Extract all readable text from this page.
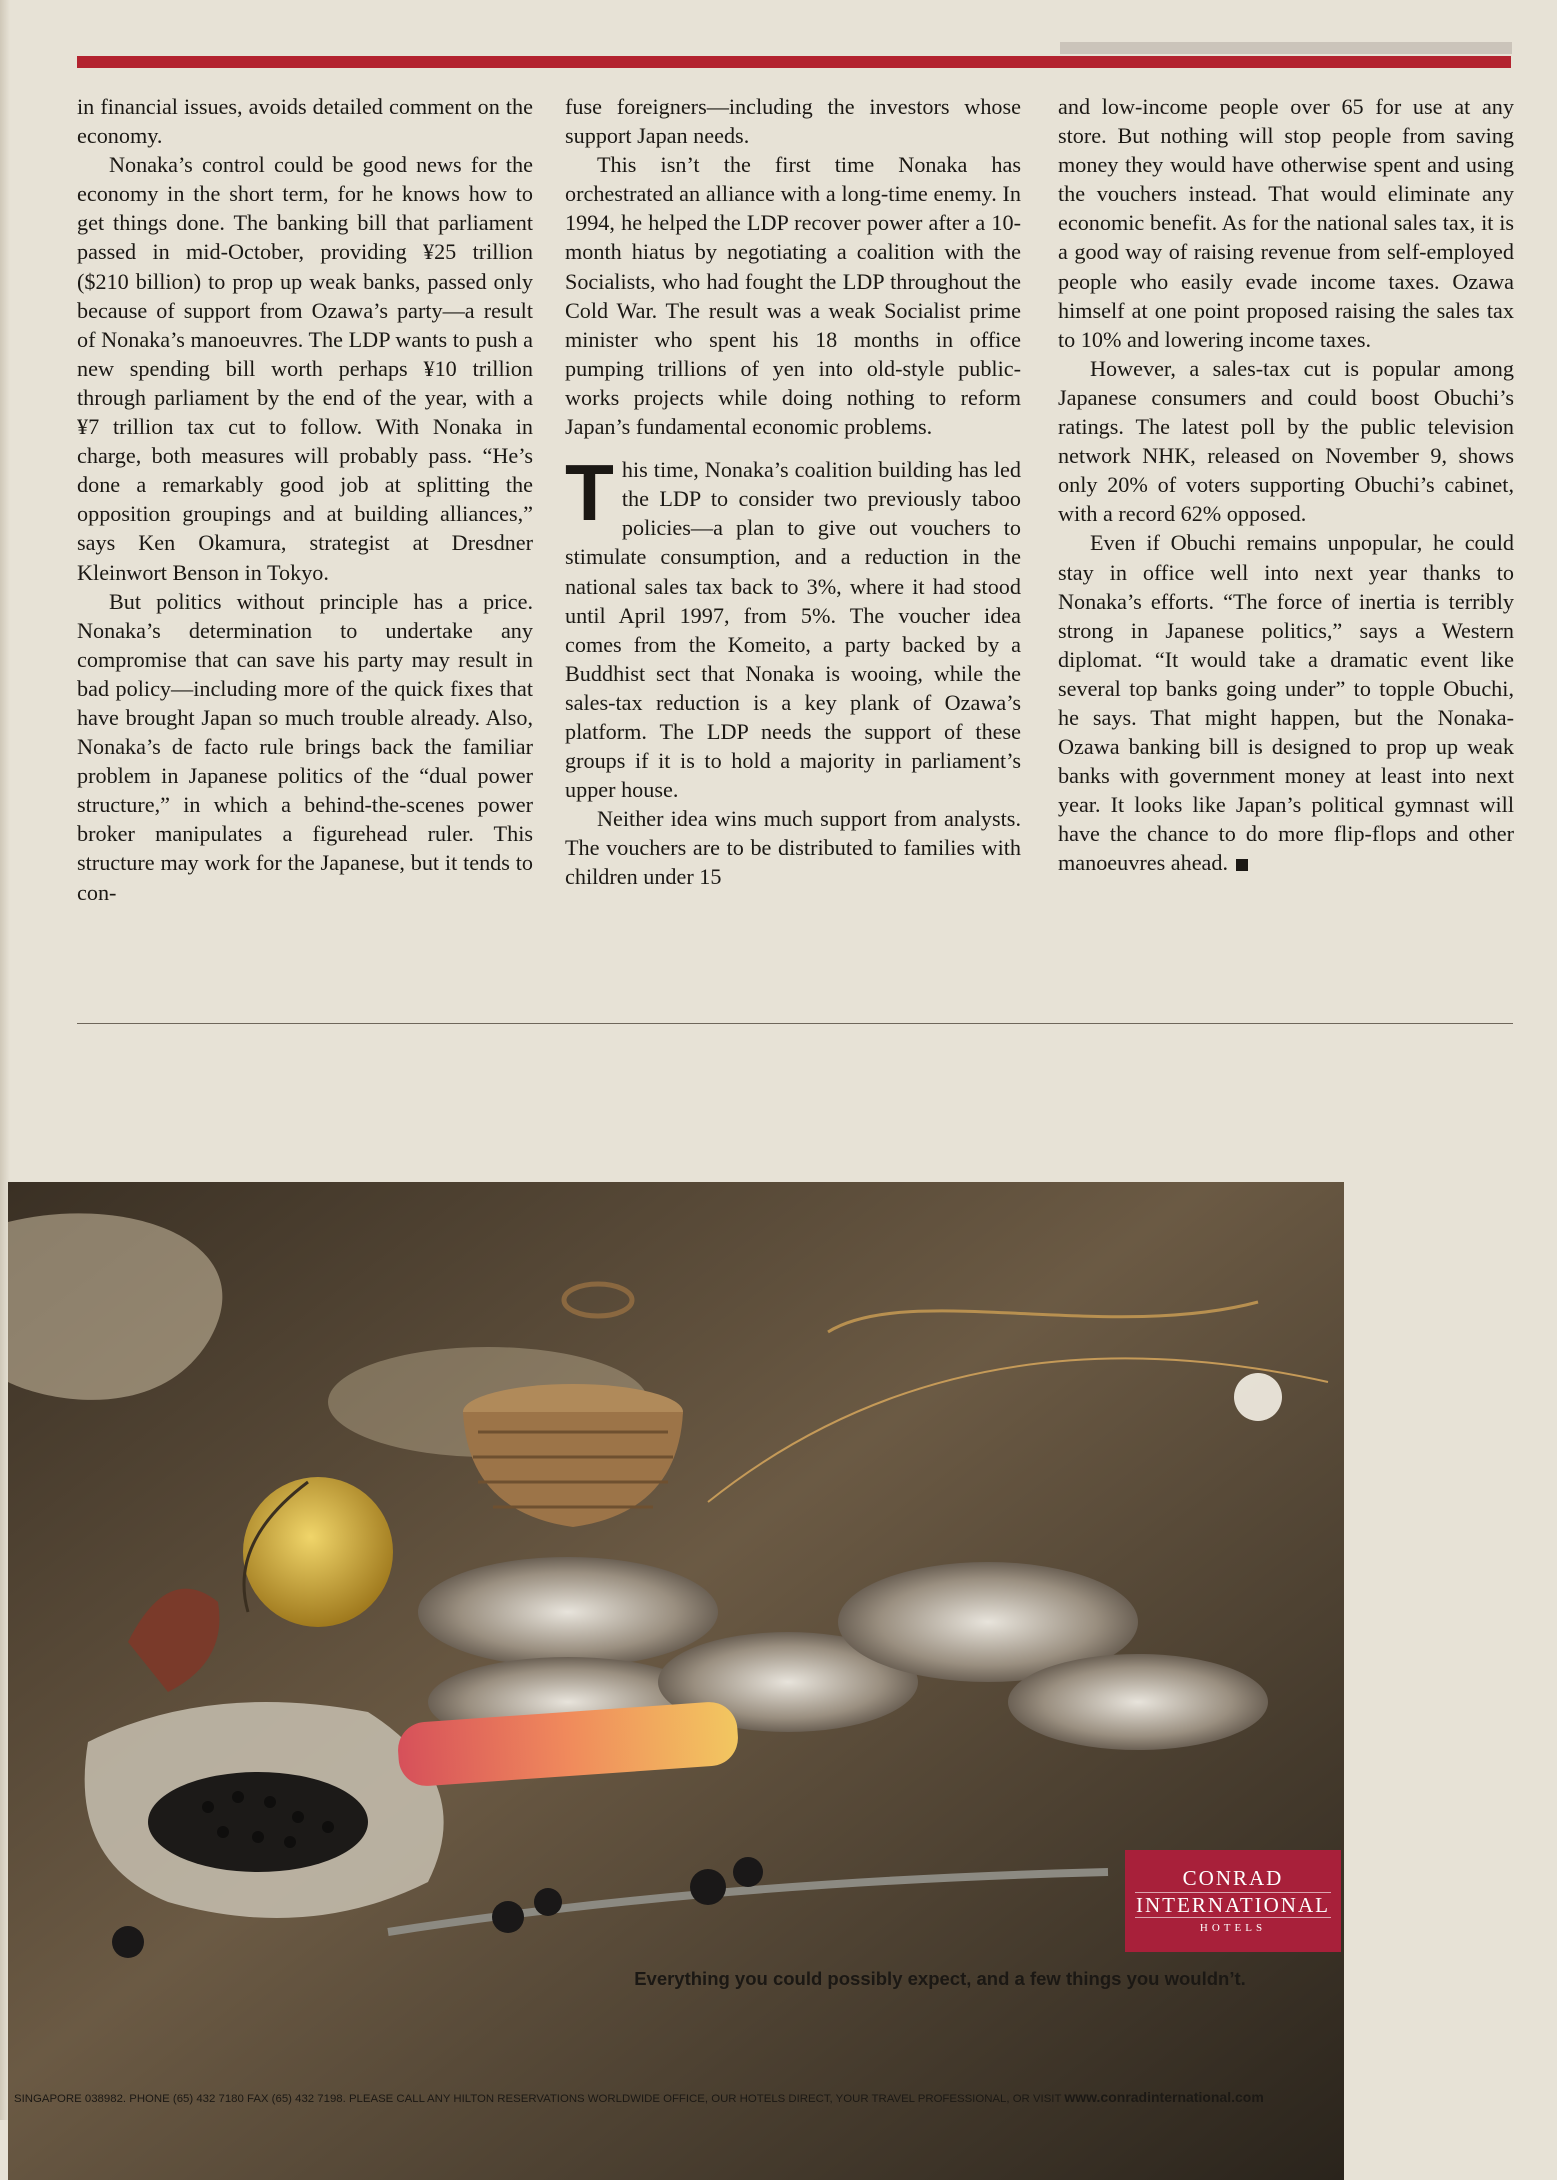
in financial issues, avoids detailed comment on the economy.

Nonaka’s control could be good news for the economy in the short term, for he knows how to get things done. The banking bill that parliament passed in mid-October, providing ¥25 trillion ($210 billion) to prop up weak banks, passed only because of support from Ozawa’s party—a result of Nonaka’s manoeuvres. The LDP wants to push a new spending bill worth perhaps ¥10 trillion through parliament by the end of the year, with a ¥7 trillion tax cut to follow. With Nonaka in charge, both measures will probably pass. “He’s done a remarkably good job at splitting the opposition groupings and at building alliances,” says Ken Okamura, strategist at Dresdner Kleinwort Benson in Tokyo.

But politics without principle has a price. Nonaka’s determination to undertake any compromise that can save his party may result in bad policy—including more of the quick fixes that have brought Japan so much trouble already. Also, Nonaka’s de facto rule brings back the familiar problem in Japanese politics of the “dual power structure,” in which a behind-the-scenes power broker manipulates a figurehead ruler. This structure may work for the Japanese, but it tends to con-

fuse foreigners—including the investors whose support Japan needs.

This isn’t the first time Nonaka has orchestrated an alliance with a long-time enemy. In 1994, he helped the LDP recover power after a 10-month hiatus by negotiating a coalition with the Socialists, who had fought the LDP throughout the Cold War. The result was a weak Socialist prime minister who spent his 18 months in office pumping trillions of yen into old-style public-works projects while doing nothing to reform Japan’s fundamental economic problems.

This time, Nonaka’s coalition building has led the LDP to consider two previously taboo policies—a plan to give out vouchers to stimulate consumption, and a reduction in the national sales tax back to 3%, where it had stood until April 1997, from 5%. The voucher idea comes from the Komeito, a party backed by a Buddhist sect that Nonaka is wooing, while the sales-tax reduction is a key plank of Ozawa’s platform. The LDP needs the support of these groups if it is to hold a majority in parliament’s upper house.

Neither idea wins much support from analysts. The vouchers are to be distributed to families with children under 15

and low-income people over 65 for use at any store. But nothing will stop people from saving money they would have otherwise spent and using the vouchers instead. That would eliminate any economic benefit. As for the national sales tax, it is a good way of raising revenue from self-employed people who easily evade income taxes. Ozawa himself at one point proposed raising the sales tax to 10% and lowering income taxes.

However, a sales-tax cut is popular among Japanese consumers and could boost Obuchi’s ratings. The latest poll by the public television network NHK, released on November 9, shows only 20% of voters supporting Obuchi’s cabinet, with a record 62% opposed.

Even if Obuchi remains unpopular, he could stay in office well into next year thanks to Nonaka’s efforts. “The force of inertia is terribly strong in Japanese politics,” says a Western diplomat. “It would take a dramatic event like several top banks going under” to topple Obuchi, he says. That might happen, but the Nonaka-Ozawa banking bill is designed to prop up weak banks with government money at least into next year. It looks like Japan’s political gymnast will have the chance to do more flip-flops and other manoeuvres ahead.

CONRAD
INTERNATIONAL
HOTELS
Everything you could possibly expect, and a few things you wouldn’t.
SINGAPORE 038982. PHONE (65) 432 7180 FAX (65) 432 7198. PLEASE CALL ANY HILTON RESERVATIONS WORLDWIDE OFFICE, OUR HOTELS DIRECT, YOUR TRAVEL PROFESSIONAL, OR VISIT www.conradinternational.com
